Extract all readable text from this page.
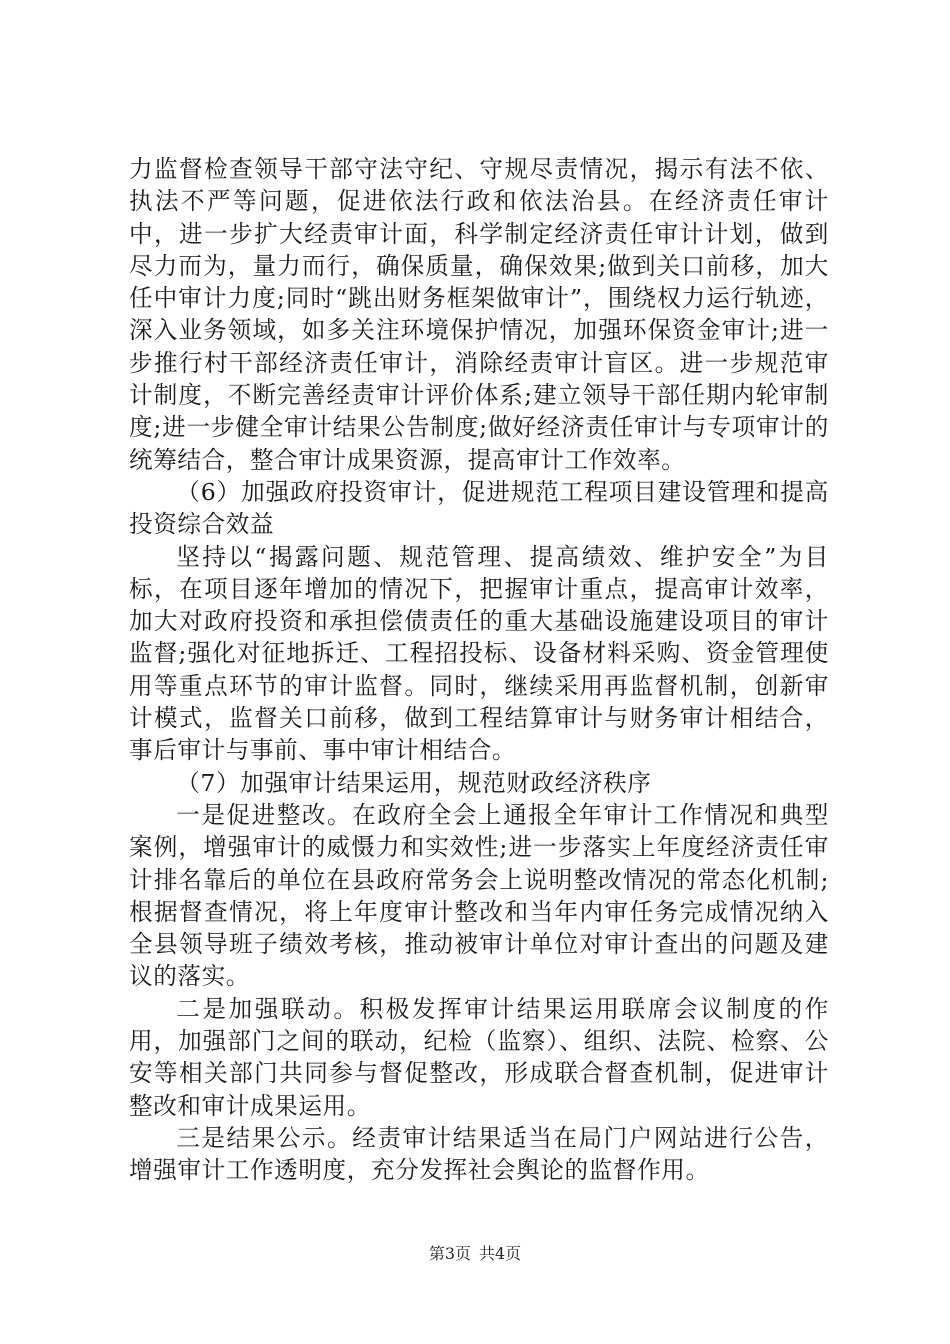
力监督检查领导干部守法守纪、守规尽责情况，揭示有法不依、执法不严等问题，促进依法行政和依法治县。在经济责任审计中，进一步扩大经责审计面，科学制定经济责任审计计划，做到尽力而为，量力而行，确保质量，确保效果;做到关口前移，加大任中审计力度;同时“跳出财务框架做审计”，围绕权力运行轨迹，深入业务领域，如多关注环境保护情况，加强环保资金审计;进一步推行村干部经济责任审计，消除经责审计盲区。进一步规范审计制度，不断完善经责审计评价体系;建立领导干部任期内轮审制度;进一步健全审计结果公告制度;做好经济责任审计与专项审计的统筹结合，整合审计成果资源，提高审计工作效率。

（6）加强政府投资审计，促进规范工程项目建设管理和提高投资综合效益

坚持以“揭露问题、规范管理、提高绩效、维护安全”为目标，在项目逐年增加的情况下，把握审计重点，提高审计效率，加大对政府投资和承担偿债责任的重大基础设施建设项目的审计监督;强化对征地拆迁、工程招投标、设备材料采购、资金管理使用等重点环节的审计监督。同时，继续采用再监督机制，创新审计模式，监督关口前移，做到工程结算审计与财务审计相结合，事后审计与事前、事中审计相结合。

（7）加强审计结果运用，规范财政经济秩序

一是促进整改。在政府全会上通报全年审计工作情况和典型案例，增强审计的威慑力和实效性;进一步落实上年度经济责任审计排名靠后的单位在县政府常务会上说明整改情况的常态化机制;根据督查情况，将上年度审计整改和当年内审任务完成情况纳入全县领导班子绩效考核，推动被审计单位对审计查出的问题及建议的落实。

二是加强联动。积极发挥审计结果运用联席会议制度的作用，加强部门之间的联动，纪检（监察）、组织、法院、检察、公安等相关部门共同参与督促整改，形成联合督查机制，促进审计整改和审计成果运用。

三是结果公示。经责审计结果适当在局门户网站进行公告，增强审计工作透明度，充分发挥社会舆论的监督作用。

第3页 共4页
